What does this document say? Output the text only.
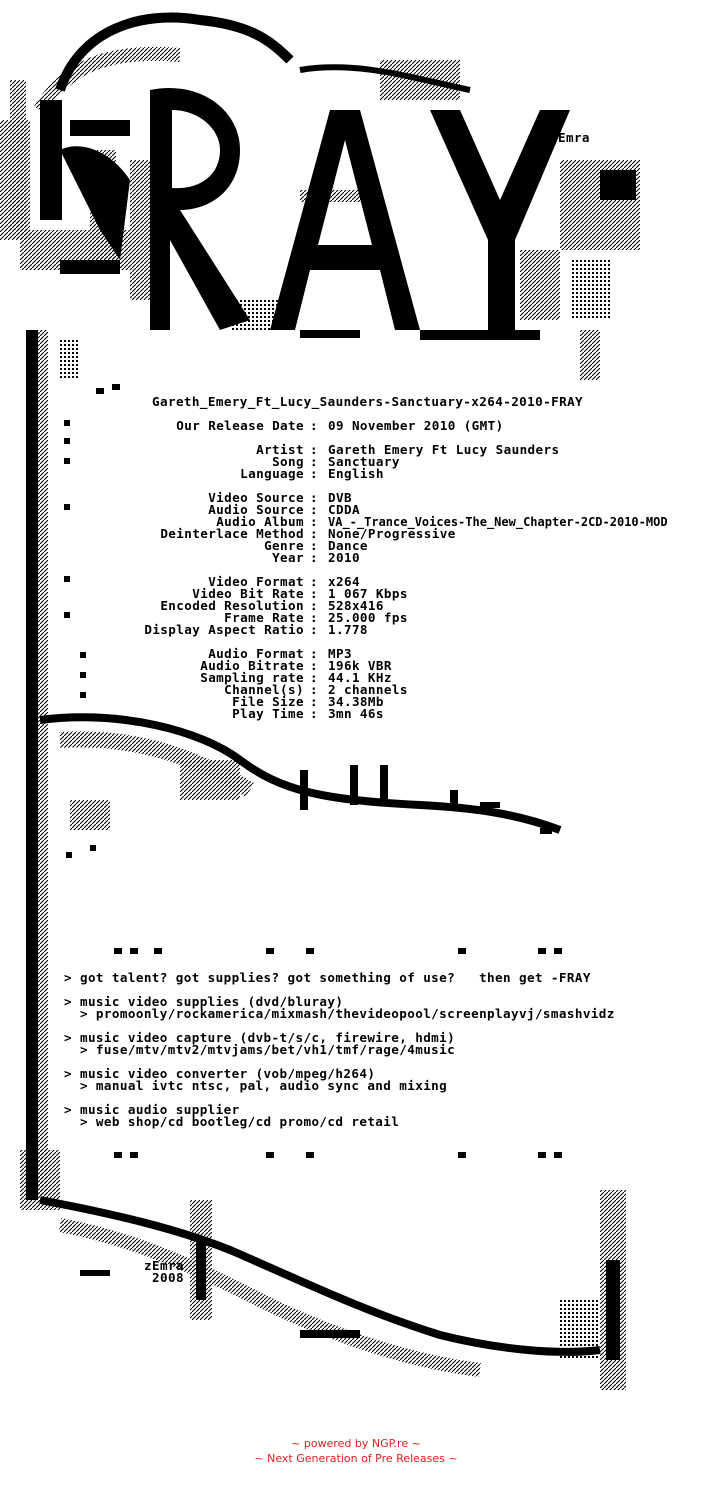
zEmra
Gareth_Emery_Ft_Lucy_Saunders-Sanctuary-x264-2010-FRAY
Our Release Date : 09 November 2010 (GMT)
Artist : Gareth Emery Ft Lucy Saunders
Song : Sanctuary
Language : English
Video Source : DVB
Audio Source : CDDA
Audio Album : VA_-_Trance_Voices-The_New_Chapter-2CD-2010-MOD
Deinterlace Method : None/Progressive
Genre : Dance
Year : 2010
Video Format : x264
Video Bit Rate : 1 067 Kbps
Encoded Resolution : 528x416
Frame Rate : 25.000 fps
Display Aspect Ratio : 1.778
Audio Format : MP3
Audio Bitrate : 196k VBR
Sampling rate : 44.1 KHz
Channel(s) : 2 channels
File Size : 34.38Mb
Play Time : 3mn 46s
> got talent? got supplies? got something of use?   then get -FRAY
> music video supplies (dvd/bluray)
> promoonly/rockamerica/mixmash/thevideopool/screenplayvj/smashvidz
> music video capture (dvb-t/s/c, firewire, hdmi)
> fuse/mtv/mtv2/mtvjams/bet/vh1/tmf/rage/4music
> music video converter (vob/mpeg/h264)
> manual ivtc ntsc, pal, audio sync and mixing
> music audio supplier
> web shop/cd bootleg/cd promo/cd retail
zEmra
2008
~ powered by NGP.re ~
~ Next Generation of Pre Releases ~
